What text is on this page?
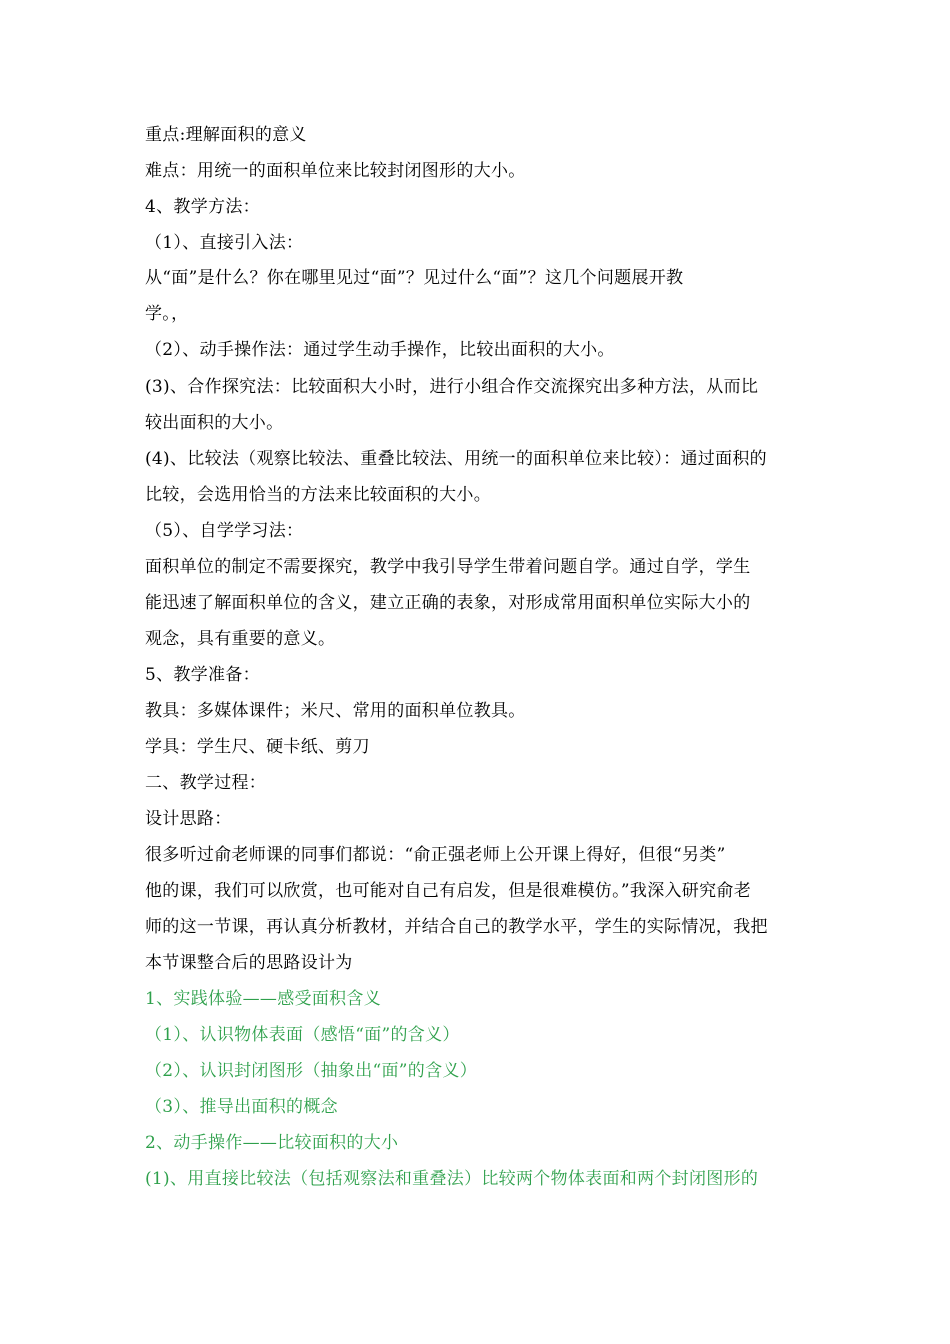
重点:理解面积的意义
难点：用统一的面积单位来比较封闭图形的大小。
4、教学方法：
（1）、直接引入法：
从“面”是什么？你在哪里见过“面”？见过什么“面”？这几个问题展开教
学。，
（2）、动手操作法：通过学生动手操作，比较出面积的大小。
(3)、合作探究法：比较面积大小时，进行小组合作交流探究出多种方法，从而比
较出面积的大小。
(4)、比较法（观察比较法、重叠比较法、用统一的面积单位来比较）：通过面积的
比较，会选用恰当的方法来比较面积的大小。
（5）、自学学习法：
面积单位的制定不需要探究，教学中我引导学生带着问题自学。通过自学，学生
能迅速了解面积单位的含义，建立正确的表象，对形成常用面积单位实际大小的
观念，具有重要的意义。
5、教学准备：
教具：多媒体课件；米尺、常用的面积单位教具。
学具：学生尺、硬卡纸、剪刀
二、教学过程：
设计思路：
很多听过俞老师课的同事们都说：“俞正强老师上公开课上得好，但很“另类”
他的课，我们可以欣赏，也可能对自己有启发，但是很难模仿。”我深入研究俞老
师的这一节课，再认真分析教材，并结合自己的教学水平，学生的实际情况，我把
本节课整合后的思路设计为
1、实践体验——感受面积含义
（1）、认识物体表面（感悟“面”的含义）
（2）、认识封闭图形（抽象出“面”的含义）
（3）、推导出面积的概念
2、动手操作——比较面积的大小
(1)、用直接比较法（包括观察法和重叠法）比较两个物体表面和两个封闭图形的
